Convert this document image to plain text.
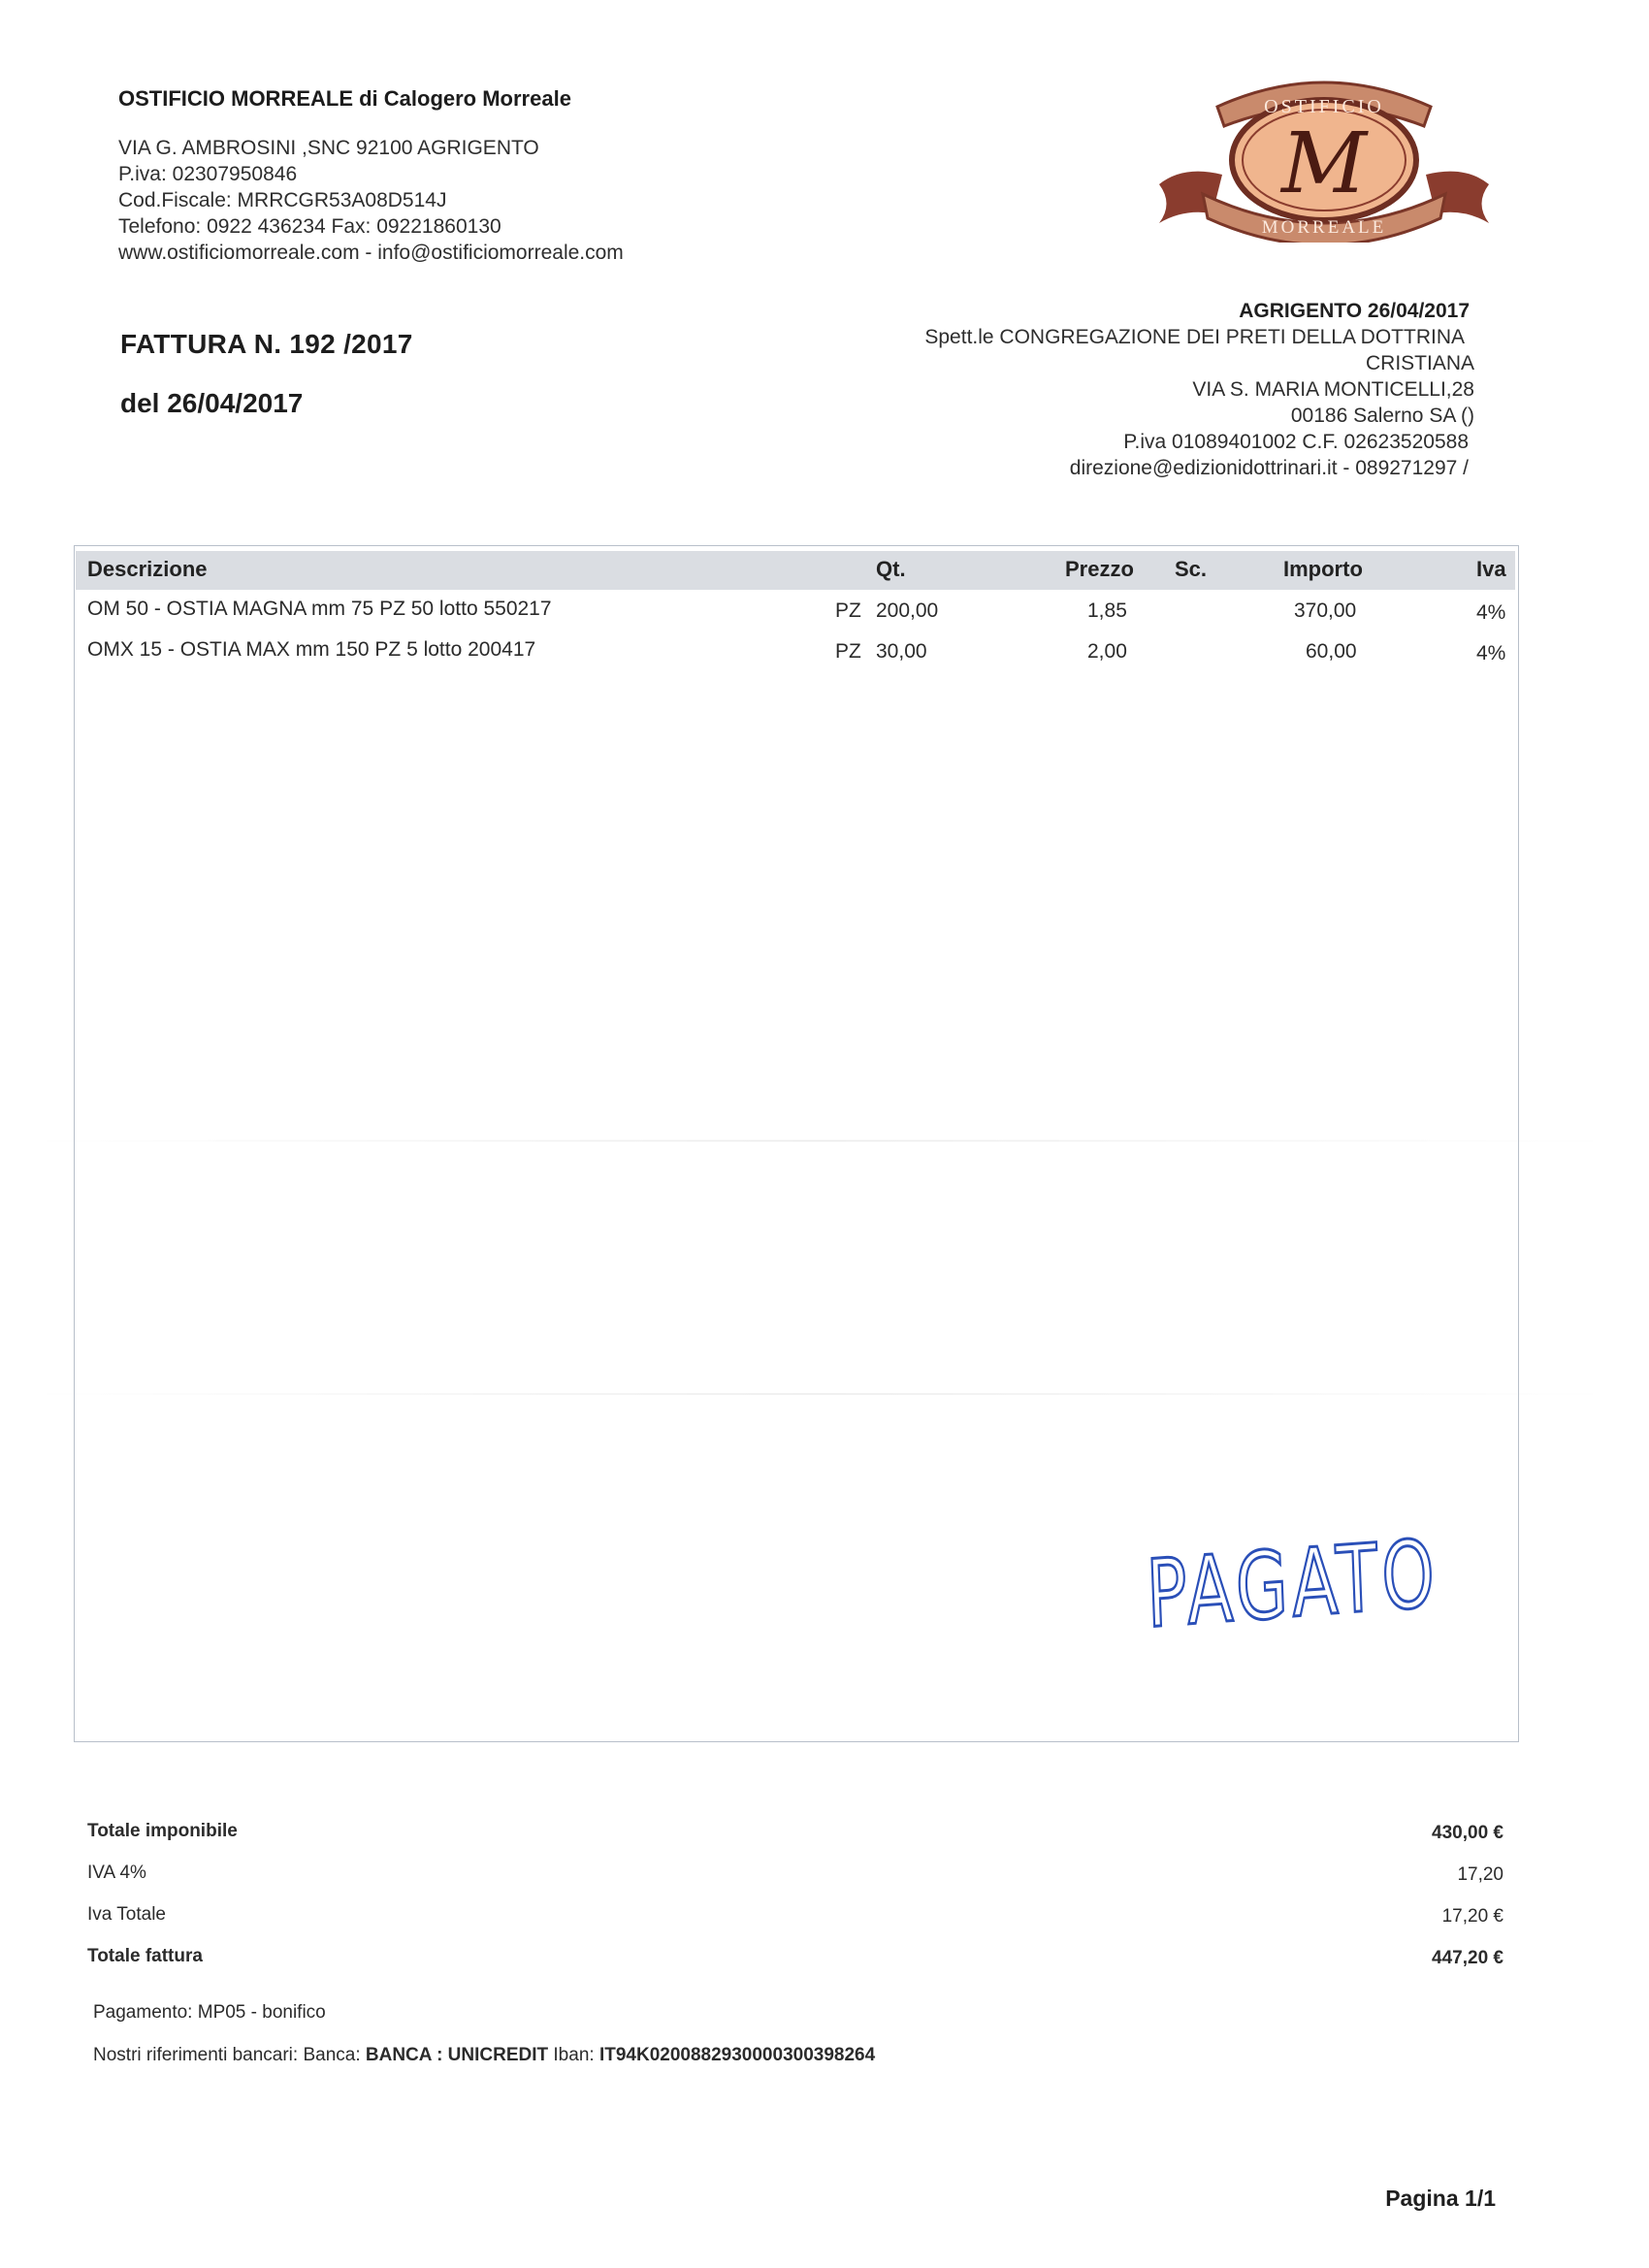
OSTIFICIO MORREALE di Calogero Morreale
VIA G. AMBROSINI ,SNC 92100 AGRIGENTO
P.iva: 02307950846
Cod.Fiscale: MRRCGR53A08D514J
Telefono: 0922 436234 Fax: 09221860130
www.ostificiomorreale.com - info@ostificiomorreale.com
OSTIFICIO
M
MORREALE
FATTURA N. 192 /2017
del 26/04/2017
AGRIGENTO 26/04/2017
Spett.le CONGREGAZIONE DEI PRETI DELLA DOTTRINA
CRISTIANA
VIA S. MARIA MONTICELLI,28
00186 Salerno SA ()
P.iva 01089401002 C.F. 02623520588
direzione@edizionidottrinari.it - 089271297 /
Descrizione	Qt.	Prezzo Sc.	Importo	Iva
OM 50 - OSTIA MAGNA mm 75 PZ 50 lotto 550217	PZ 200,00	1,85	370,00	4%
OMX 15 - OSTIA MAX mm 150 PZ 5 lotto 200417	PZ 30,00	2,00	60,00	4%
PAGATO
Totale imponibile	430,00 €
IVA 4%	17,20
Iva Totale	17,20 €
Totale fattura	447,20 €
Pagamento: MP05 - bonifico
Nostri riferimenti bancari: Banca: BANCA : UNICREDIT Iban: IT94K0200882930000300398264
Pagina 1/1
